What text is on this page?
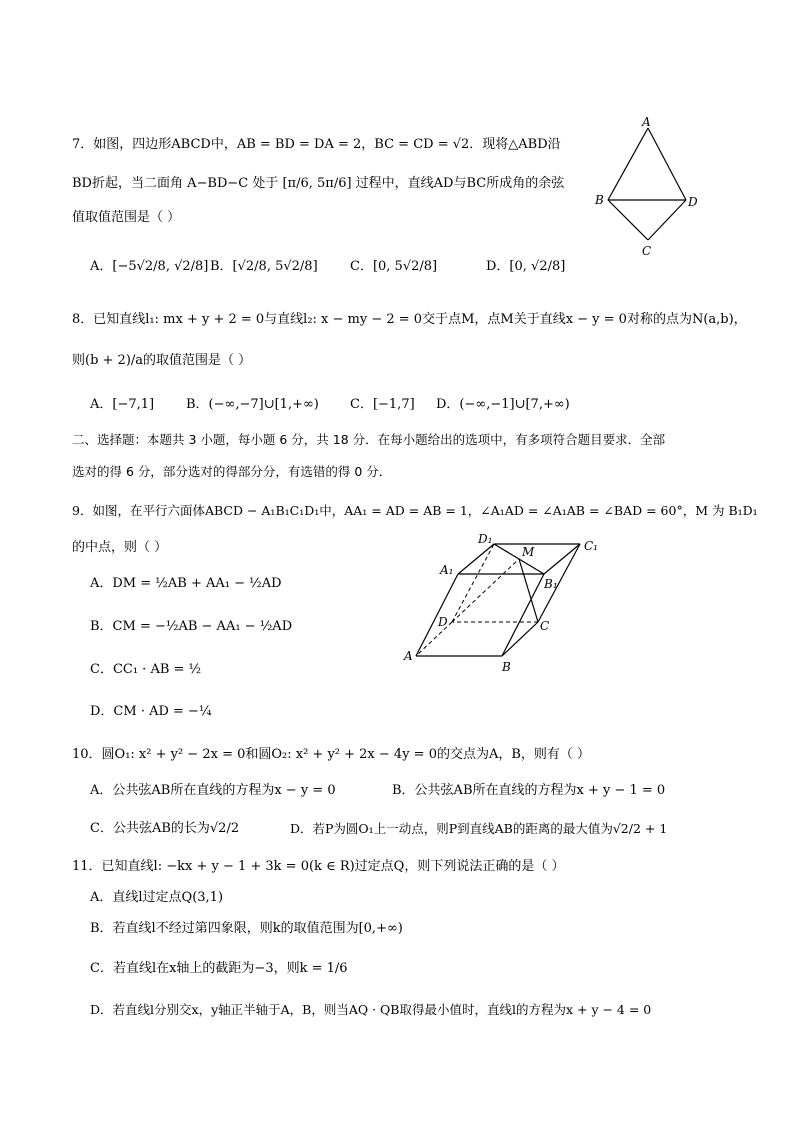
7．如图，四边形ABCD中，AB = BD = DA = 2，BC = CD = √2．现将△ABD沿
BD折起，当二面角 A−BD−C 处于 [π/6, 5π/6] 过程中，直线AD与BC所成角的余弦
值取值范围是（ ）
A．[−5√2/8, √2/8] B．[√2/8, 5√2/8] C．[0, 5√2/8]	D．[0, √2/8]
A
B	D
C
8．已知直线l₁: mx + y + 2 = 0与直线l₂: x − my − 2 = 0交于点M，点M关于直线x − y = 0对称的点为N(a,b)，
则(b + 2)/a的取值范围是（ ）
A．[−7,1] B．(−∞,−7]∪[1,+∞) C．[−1,7] D．(−∞,−1]∪[7,+∞)
二、选择题：本题共 3 小题，每小题 6 分，共 18 分．在每小题给出的选项中，有多项符合题目要求．全部
选对的得 6 分，部分选对的得部分分，有选错的得 0 分．
9．如图，在平行六面体ABCD − A₁B₁C₁D₁中，AA₁ = AD = AB = 1，∠A₁AD = ∠A₁AB = ∠BAD = 60°，M 为 B₁D₁
的中点，则（ ）
A．DM = ½AB + AA₁ − ½AD
B．CM = −½AB − AA₁ − ½AD
C．CC₁ · AB = ½
D．CM · AD = −¼
A
B
C
D
A₁
B₁
C₁
D₁
M
10．圆O₁: x² + y² − 2x = 0和圆O₂: x² + y² + 2x − 4y = 0的交点为A，B，则有（ ）
A．公共弦AB所在直线的方程为x − y = 0	B．公共弦AB所在直线的方程为x + y − 1 = 0
C．公共弦AB的长为√2/2	D．若P为圆O₁上一动点，则P到直线AB的距离的最大值为√2/2 + 1
11．已知直线l: −kx + y − 1 + 3k = 0(k ∈ R)过定点Q，则下列说法正确的是（ ）
A．直线l过定点Q(3,1)
B．若直线l不经过第四象限，则k的取值范围为[0,+∞)
C．若直线l在x轴上的截距为−3，则k = 1/6
D．若直线l分别交x，y轴正半轴于A，B，则当AQ · QB取得最小值时，直线l的方程为x + y − 4 = 0
